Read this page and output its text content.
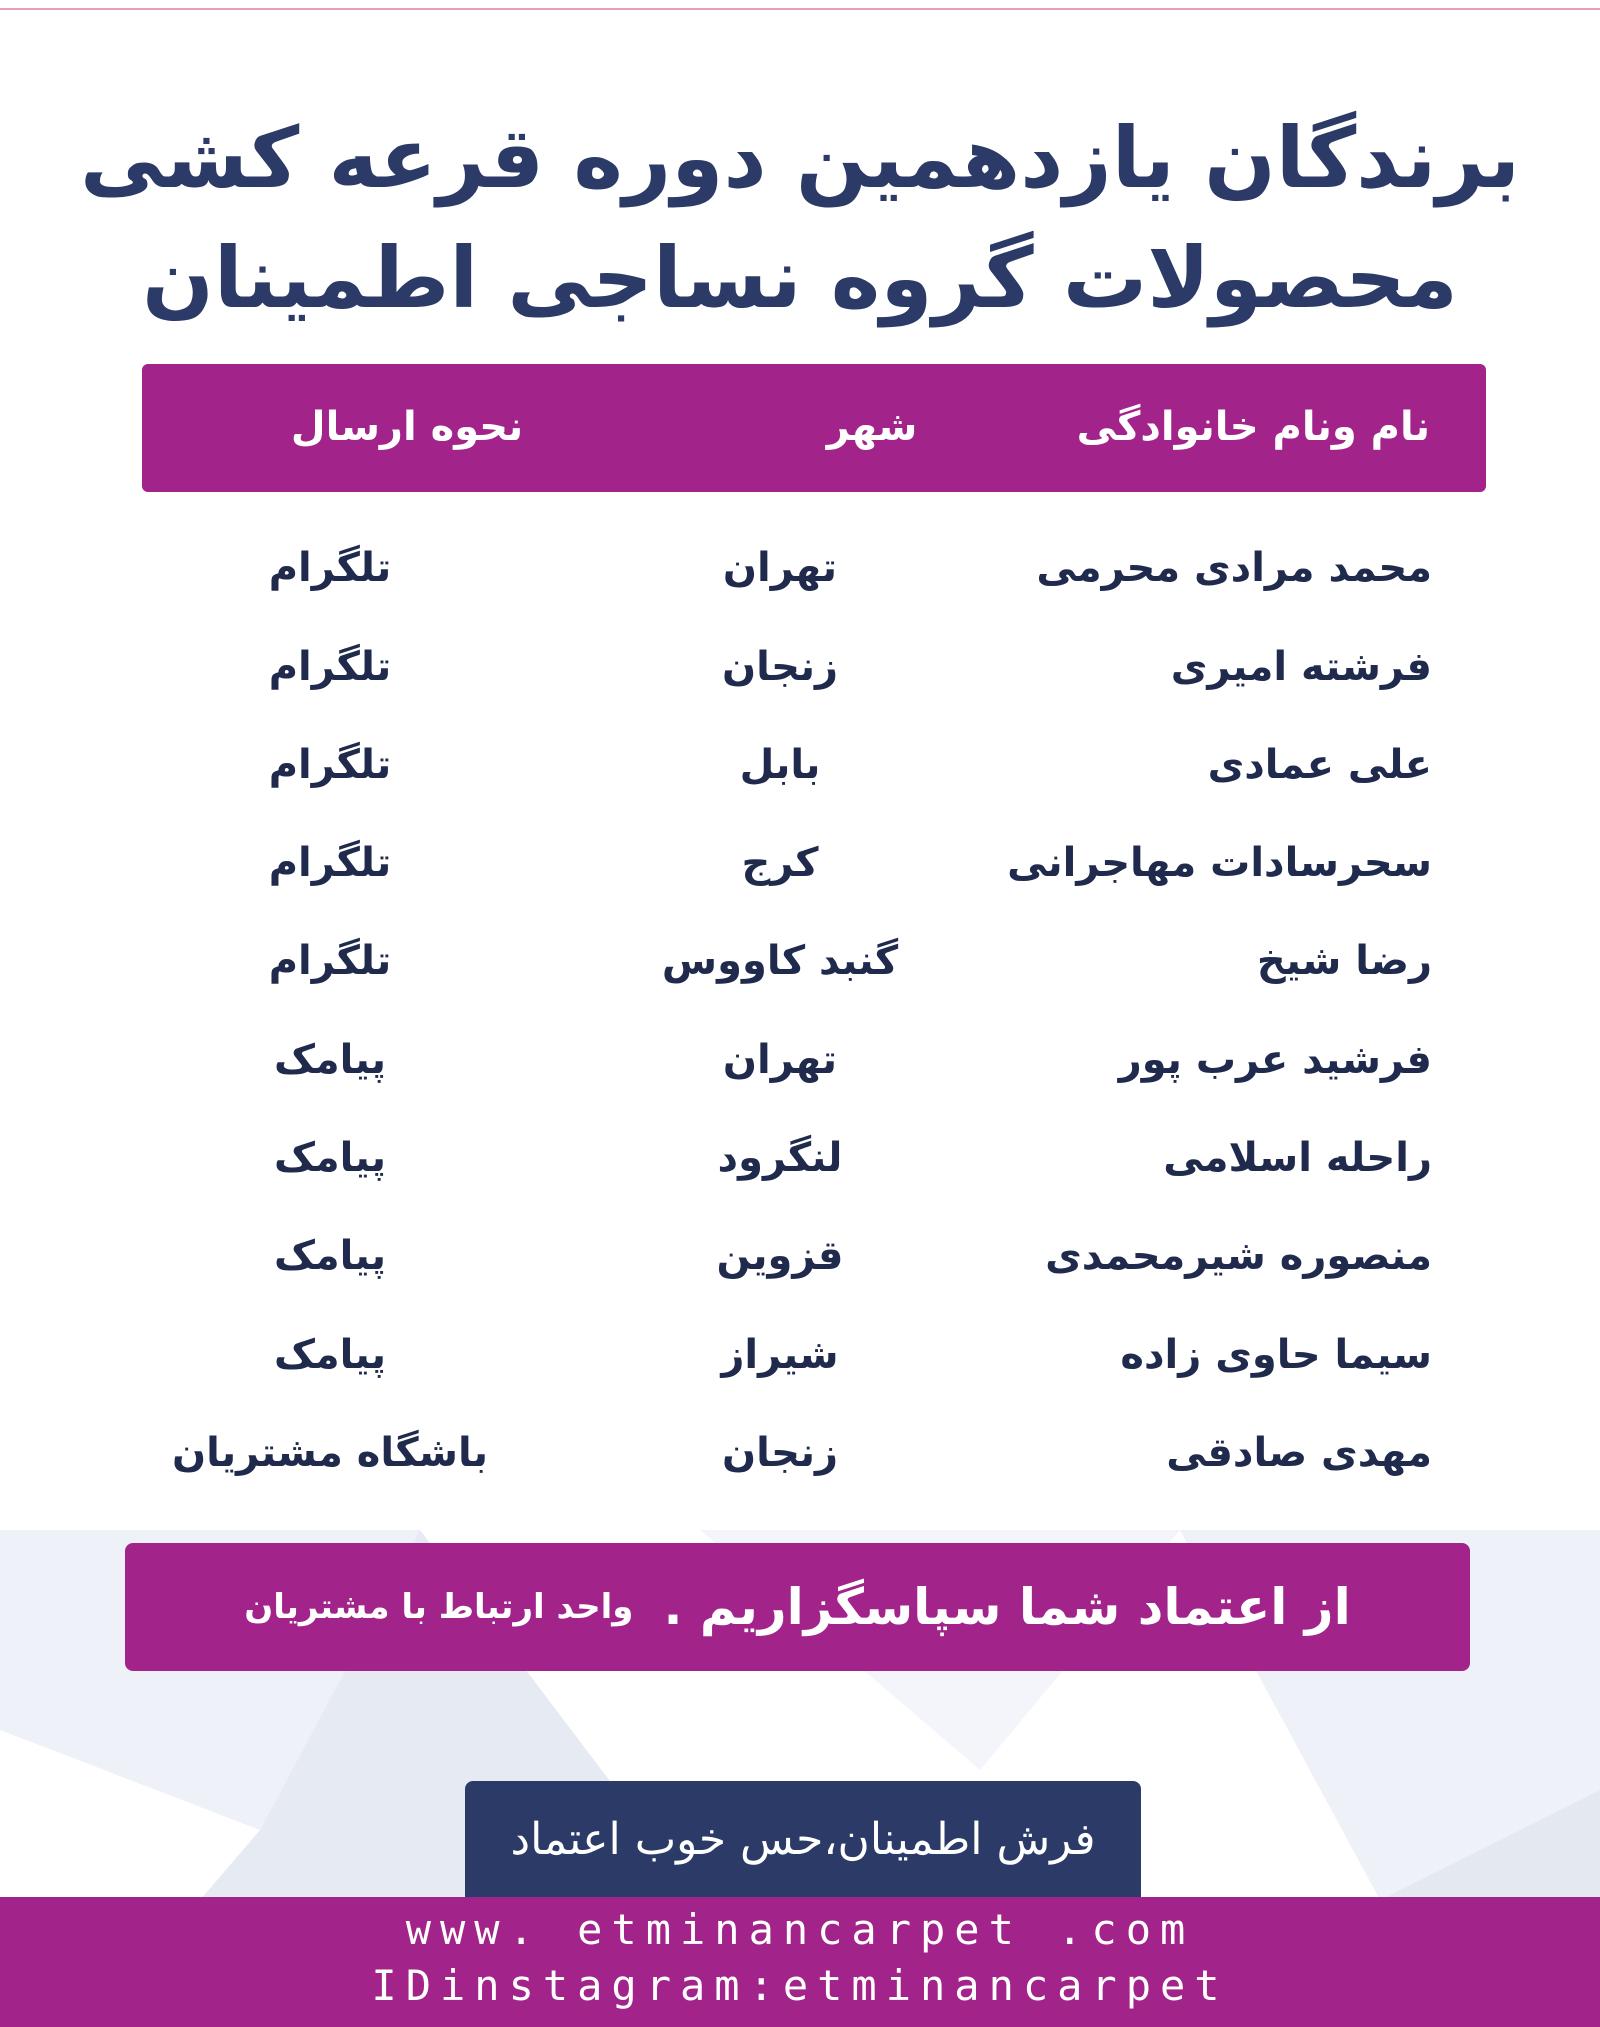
برندگان یازدهمین دوره قرعه کشی
محصولات گروه نساجی اطمینان
نام ونام خانوادگی
شهر
نحوه ارسال
محمد مرادی محرمی
تهران
تلگرام
فرشته امیری
زنجان
تلگرام
علی عمادی
بابل
تلگرام
سحرسادات مهاجرانی
کرج
تلگرام
رضا شیخ
گنبد کاووس
تلگرام
فرشید عرب پور
تهران
پیامک
راحله اسلامی
لنگرود
پیامک
منصوره شیرمحمدی
قزوین
پیامک
سیما حاوی زاده
شیراز
پیامک
مهدی صادقی
زنجان
باشگاه مشتریان
از اعتماد شما سپاسگزاریم .
واحد ارتباط با مشتریان
فرش اطمینان،حس خوب اعتماد
www. etminancarpet .com
IDinstagram:etminancarpet
